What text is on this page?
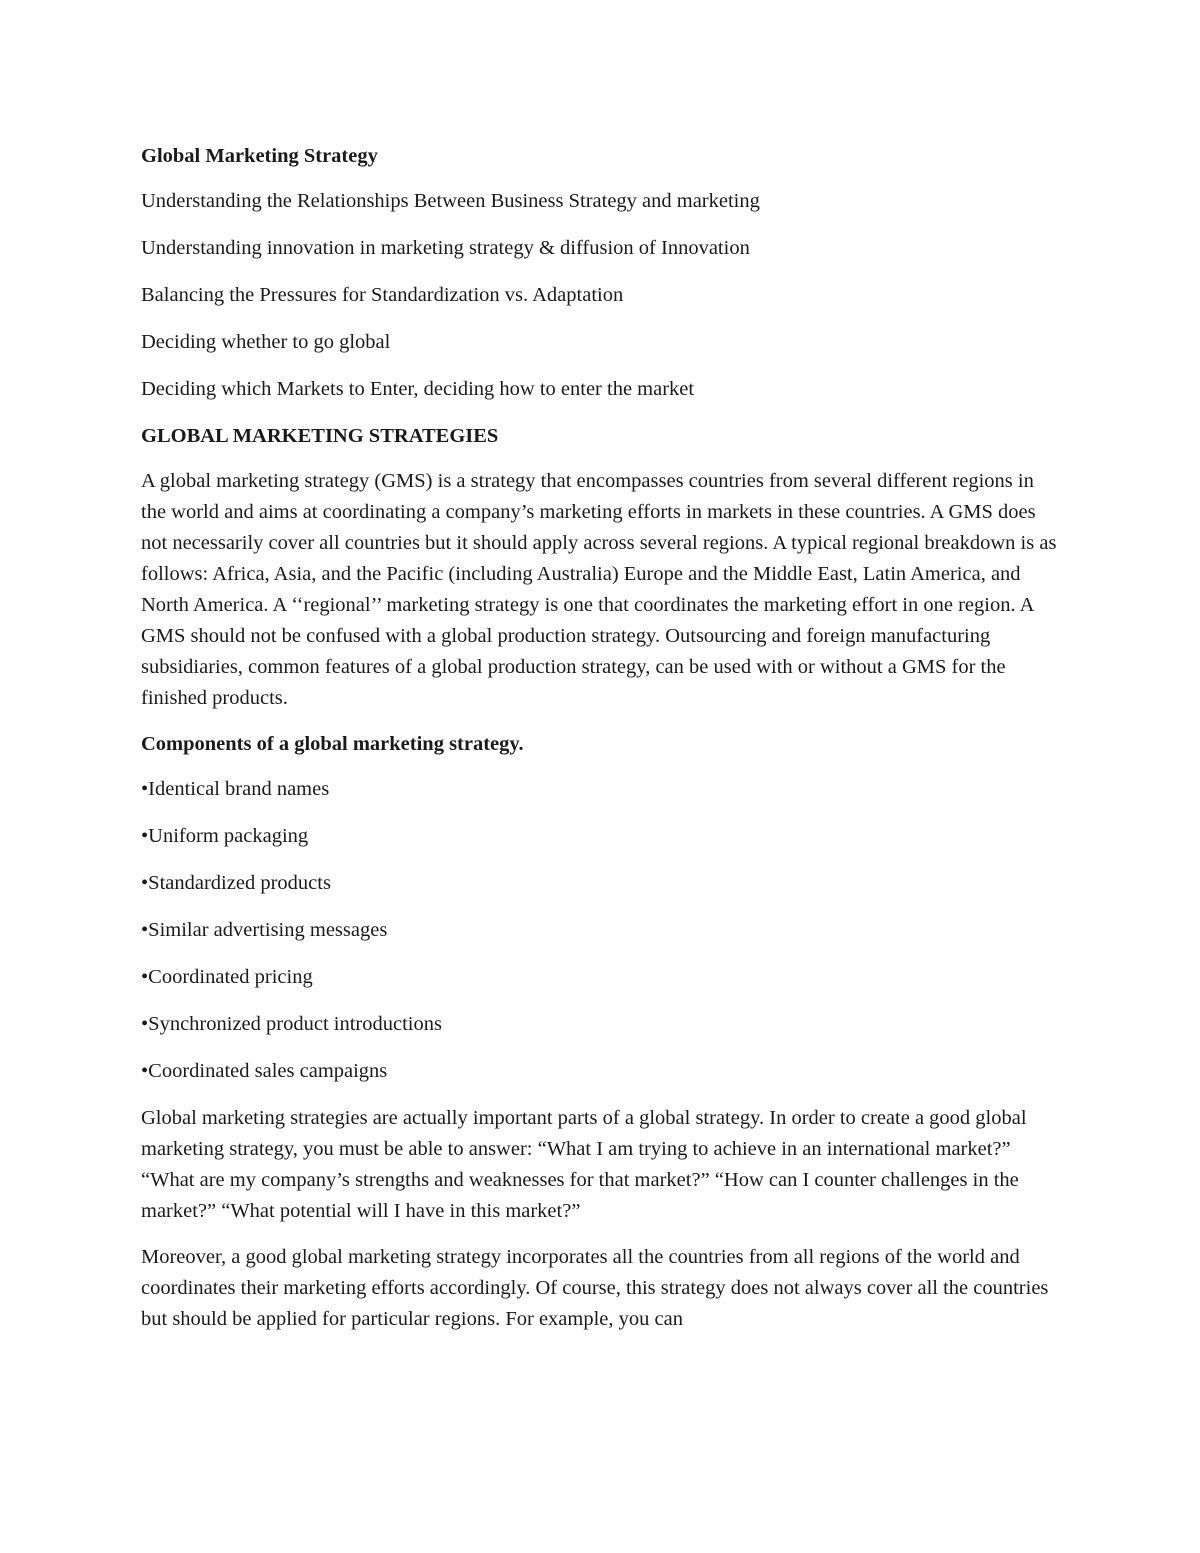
Global Marketing Strategy

Understanding the Relationships Between Business Strategy and marketing

Understanding innovation in marketing strategy & diffusion of Innovation

Balancing the Pressures for Standardization vs. Adaptation

Deciding whether to go global

Deciding which Markets to Enter, deciding how to enter the market

GLOBAL MARKETING STRATEGIES

A global marketing strategy (GMS) is a strategy that encompasses countries from several different regions in the world and aims at coordinating a company’s marketing efforts in markets in these countries. A GMS does not necessarily cover all countries but it should apply across several regions. A typical regional breakdown is as follows: Africa, Asia, and the Pacific (including Australia) Europe and the Middle East, Latin America, and North America. A ‘‘regional’’ marketing strategy is one that coordinates the marketing effort in one region. A GMS should not be confused with a global production strategy. Outsourcing and foreign manufacturing subsidiaries, common features of a global production strategy, can be used with or without a GMS for the finished products.

Components of a global marketing strategy.

•Identical brand names

•Uniform packaging

•Standardized products

•Similar advertising messages

•Coordinated pricing

•Synchronized product introductions

•Coordinated sales campaigns

Global marketing strategies are actually important parts of a global strategy. In order to create a good global marketing strategy, you must be able to answer: “What I am trying to achieve in an international market?” “What are my company’s strengths and weaknesses for that market?” “How can I counter challenges in the market?” “What potential will I have in this market?”

Moreover, a good global marketing strategy incorporates all the countries from all regions of the world and coordinates their marketing efforts accordingly. Of course, this strategy does not always cover all the countries but should be applied for particular regions. For example, you can
